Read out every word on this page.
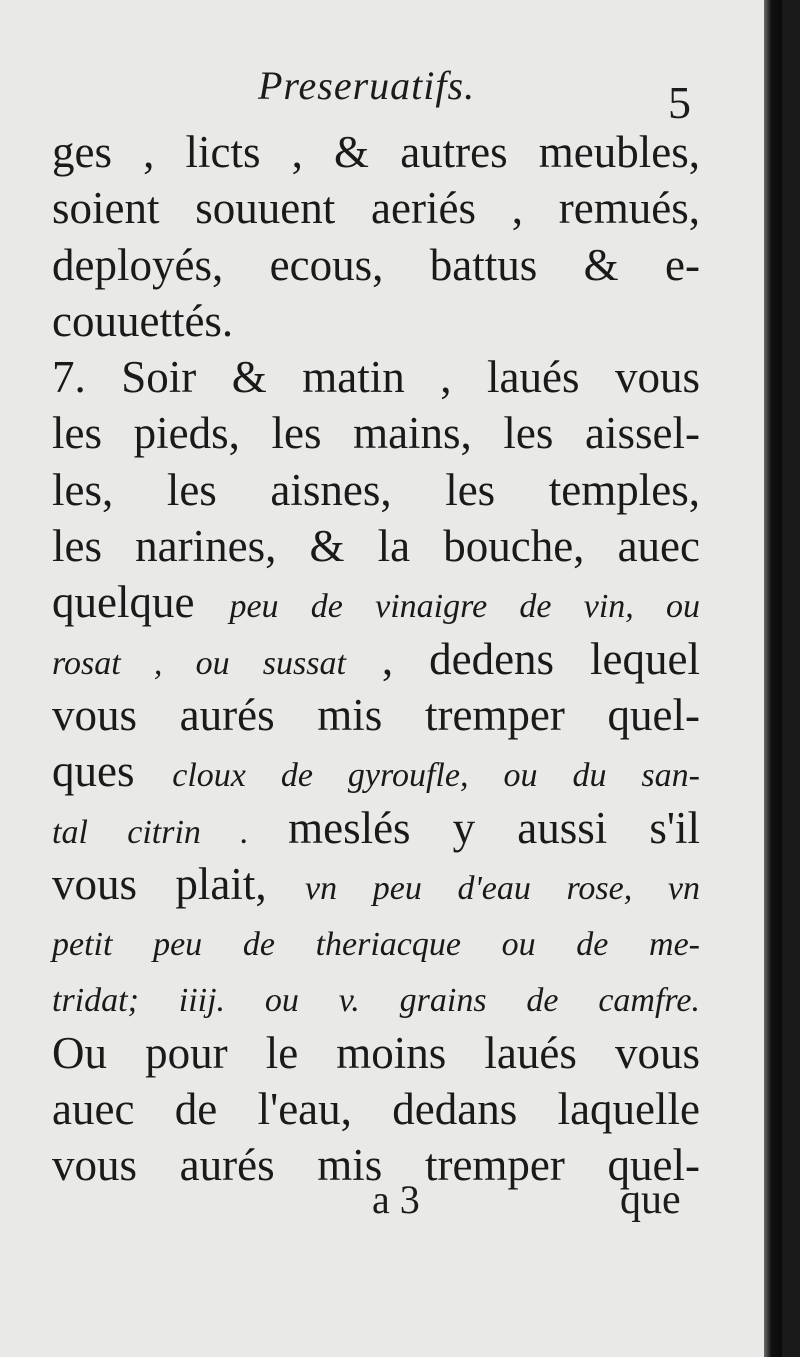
Preseruatifs.	5
ges , licts , & autres meubles,
soient souuent aeriés , remués,
deployés, ecous, battus & e-
couuettés.
7. Soir & matin , laués vous
les pieds, les mains, les aissel-
les, les aisnes, les temples,
les narines, & la bouche, auec
quelque peu de vinaigre de vin, ou
rosat , ou sussat , dedens lequel
vous aurés mis tremper quel-
ques cloux de gyroufle, ou du san-
tal citrin . meslés y aussi s'il
vous plait, vn peu d'eau rose, vn
petit peu de theriacque ou de me-
tridat; iiij. ou v. grains de camfre.
Ou pour le moins laués vous
auec de l'eau, dedans laquelle
vous aurés mis tremper quel-
a 3	que
